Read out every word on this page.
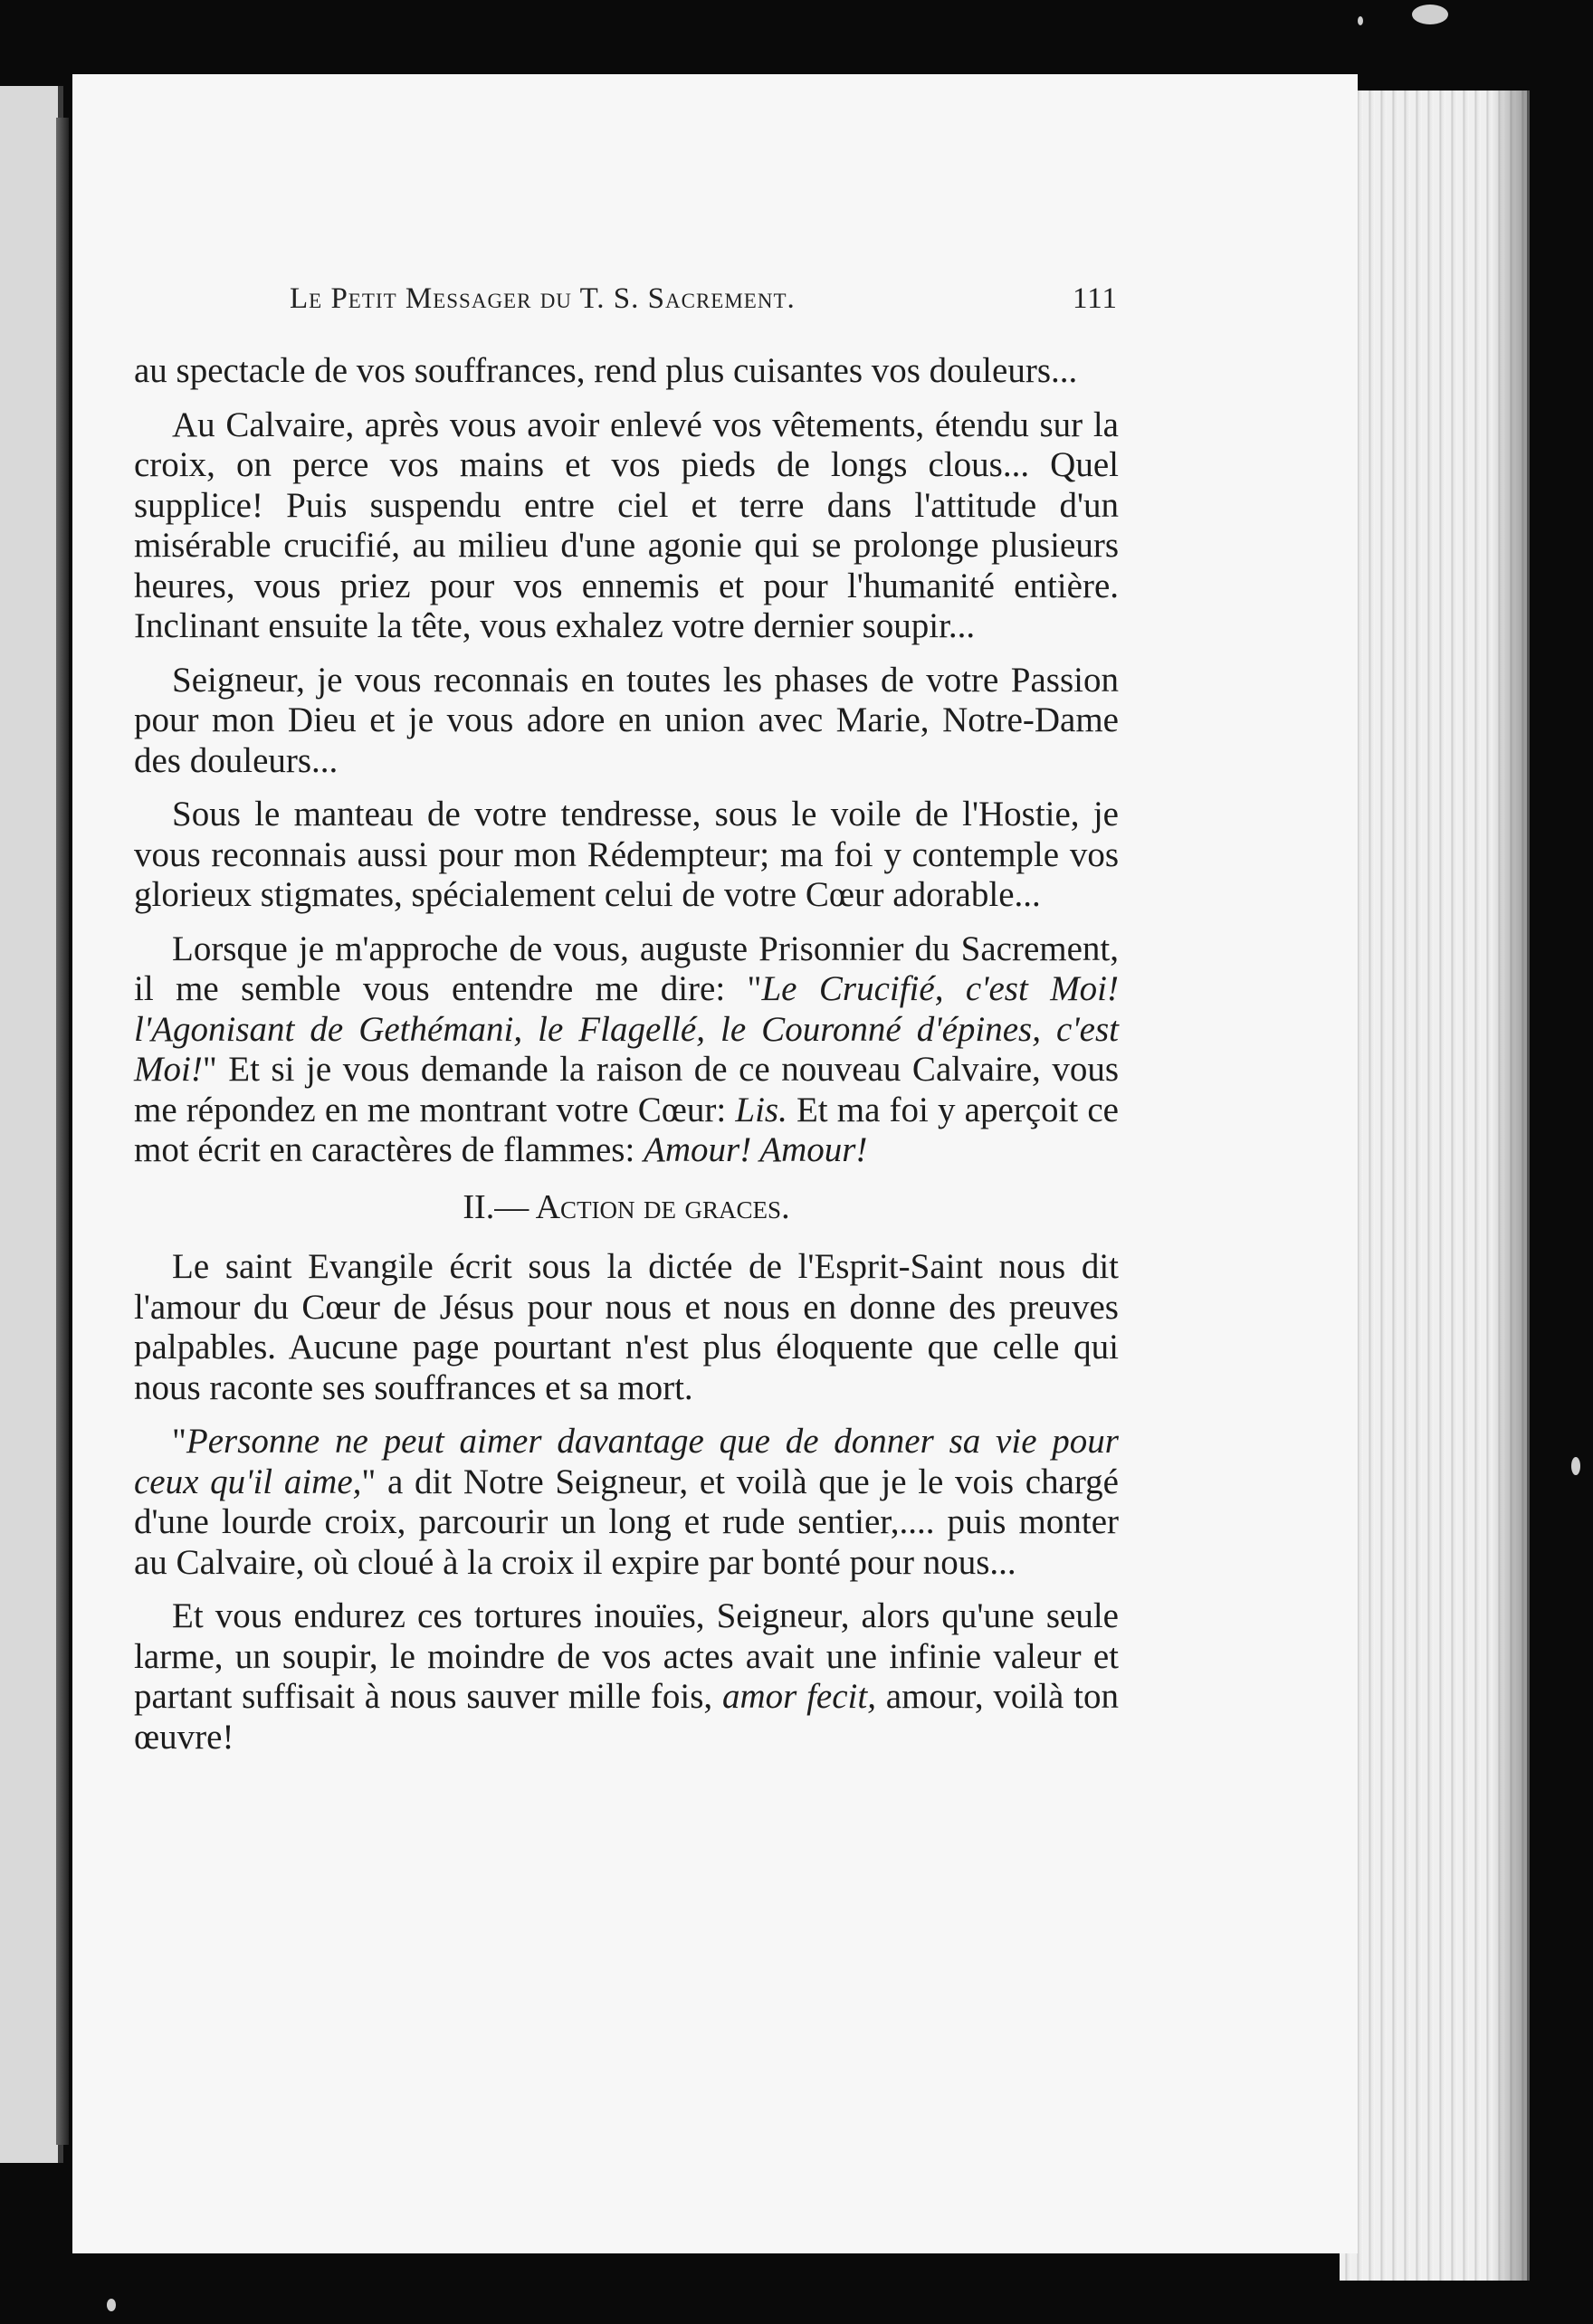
Le Petit Messager du T. S. Sacrement.	111

au spectacle de vos souffrances, rend plus cuisantes vos douleurs...

Au Calvaire, après vous avoir enlevé vos vêtements, étendu sur la croix, on perce vos mains et vos pieds de longs clous... Quel supplice! Puis suspendu entre ciel et terre dans l'attitude d'un misérable crucifié, au milieu d'une agonie qui se prolonge plusieurs heures, vous priez pour vos ennemis et pour l'humanité entière. Inclinant ensuite la tête, vous exhalez votre dernier soupir...

Seigneur, je vous reconnais en toutes les phases de votre Passion pour mon Dieu et je vous adore en union avec Marie, Notre-Dame des douleurs...

Sous le manteau de votre tendresse, sous le voile de l'Hostie, je vous reconnais aussi pour mon Rédempteur; ma foi y contemple vos glorieux stigmates, spécialement celui de votre Cœur adorable...

Lorsque je m'approche de vous, auguste Prisonnier du Sacrement, il me semble vous entendre me dire: "Le Crucifié, c'est Moi! l'Agonisant de Gethémani, le Flagellé, le Couronné d'épines, c'est Moi!" Et si je vous demande la raison de ce nouveau Calvaire, vous me répondez en me montrant votre Cœur: Lis. Et ma foi y aperçoit ce mot écrit en caractères de flammes: Amour! Amour!

II.— Action de graces.

Le saint Evangile écrit sous la dictée de l'Esprit-Saint nous dit l'amour du Cœur de Jésus pour nous et nous en donne des preuves palpables. Aucune page pourtant n'est plus éloquente que celle qui nous raconte ses souffrances et sa mort.

"Personne ne peut aimer davantage que de donner sa vie pour ceux qu'il aime," a dit Notre Seigneur, et voilà que je le vois chargé d'une lourde croix, parcourir un long et rude sentier,.... puis monter au Calvaire, où cloué à la croix il expire par bonté pour nous...

Et vous endurez ces tortures inouïes, Seigneur, alors qu'une seule larme, un soupir, le moindre de vos actes avait une infinie valeur et partant suffisait à nous sauver mille fois, amor fecit, amour, voilà ton œuvre!
